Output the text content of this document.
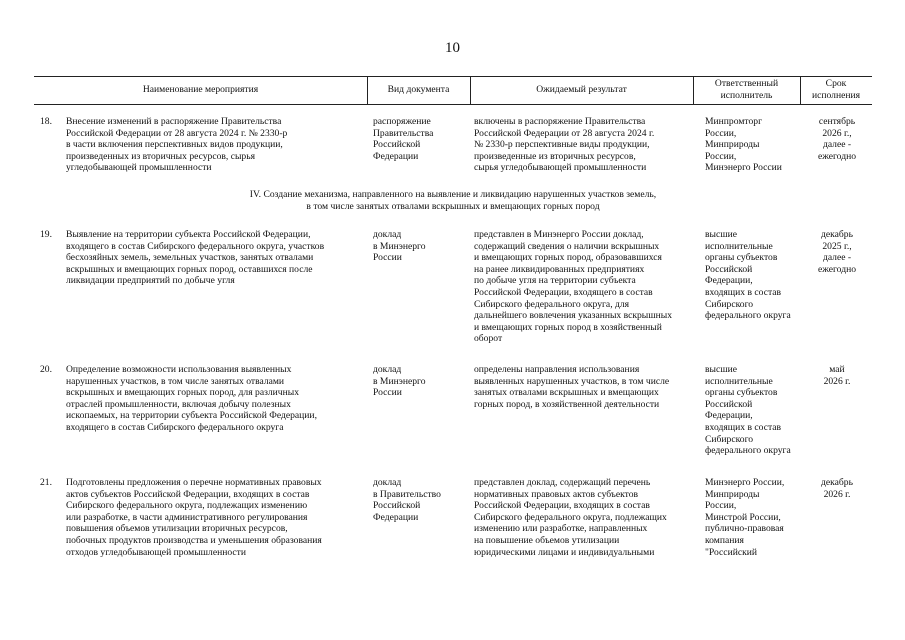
10
Наименование мероприятия	Вид документа	Ожидаемый результат
Ответственный
исполнитель
Срок
исполнения
18. Внесение изменений в распоряжение Правительства
Российской Федерации от 28 августа 2024 г. № 2330-р
в части включения перспективных видов продукции,
произведенных из вторичных ресурсов, сырья
угледобывающей промышленности
распоряжение
Правительства
Российской
Федерации
включены в распоряжение Правительства
Российской Федерации от 28 августа 2024 г.
№ 2330-р перспективные виды продукции,
произведенные из вторичных ресурсов,
сырья угледобывающей промышленности
Минпромторг
России,
Минприроды
России,
Минэнерго России
сентябрь
2026 г.,
далее -
ежегодно
IV. Создание механизма, направленного на выявление и ликвидацию нарушенных участков земель,
в том числе занятых отвалами вскрышных и вмещающих горных пород
19. Выявление на территории субъекта Российской Федерации,
входящего в состав Сибирского федерального округа, участков
бесхозяйных земель, земельных участков, занятых отвалами
вскрышных и вмещающих горных пород, оставшихся после
ликвидации предприятий по добыче угля
доклад
в Минэнерго
России
представлен в Минэнерго России доклад,
содержащий сведения о наличии вскрышных
и вмещающих горных пород, образовавшихся
на ранее ликвидированных предприятиях
по добыче угля на территории субъекта
Российской Федерации, входящего в состав
Сибирского федерального округа, для
дальнейшего вовлечения указанных вскрышных
и вмещающих горных пород в хозяйственный
оборот
высшие
исполнительные
органы субъектов
Российской
Федерации,
входящих в состав
Сибирского
федерального округа
декабрь
2025 г.,
далее -
ежегодно
20. Определение возможности использования выявленных
нарушенных участков, в том числе занятых отвалами
вскрышных и вмещающих горных пород, для различных
отраслей промышленности, включая добычу полезных
ископаемых, на территории субъекта Российской Федерации,
входящего в состав Сибирского федерального округа
доклад
в Минэнерго
России
определены направления использования
выявленных нарушенных участков, в том числе
занятых отвалами вскрышных и вмещающих
горных пород, в хозяйственной деятельности
высшие
исполнительные
органы субъектов
Российской
Федерации,
входящих в состав
Сибирского
федерального округа
май
2026 г.
21. Подготовлены предложения о перечне нормативных правовых
актов субъектов Российской Федерации, входящих в состав
Сибирского федерального округа, подлежащих изменению
или разработке, в части административного регулирования
повышения объемов утилизации вторичных ресурсов,
побочных продуктов производства и уменьшения образования
отходов угледобывающей промышленности
доклад
в Правительство
Российской
Федерации
представлен доклад, содержащий перечень
нормативных правовых актов субъектов
Российской Федерации, входящих в состав
Сибирского федерального округа, подлежащих
изменению или разработке, направленных
на повышение объемов утилизации
юридическими лицами и индивидуальными
Минэнерго России,
Минприроды
России,
Минстрой России,
публично-правовая
компания
"Российский
декабрь
2026 г.
